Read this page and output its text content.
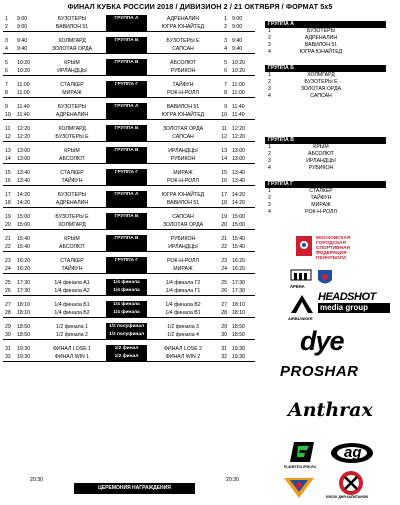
ФИНАЛ КУБКА РОССИИ 2018 / ДИВИЗИОН 2 / 21 ОКТЯБРЯ / ФОРМАТ 5х5
1	9:00	БУЗОТЕРЫ	ГРУППА А	АДРЕНАЛИН	1 9:00
2	9:00	ВАВИЛОН 51	ЮГРА ЮНАЙТЕД	2 9:00
3	9:40	ХОЛМГАРД	ГРУППА Б	БУЗОТЕРЫ Е	3 9:40
4	9:40	ЗОЛОТАЯ ОРДА	САПСАН	4 9:40
5	10:20	КРЫМ	ГРУППА В	АБСОЛЮТ	5 10:20
6	10:20	ИРЛАНДЦЫ	РУБИКОН	6 10:20
7	11:00	СТАЛКЕР	ГРУППА Г	ТАЙФУН	7 11:00
8	11:00	МИРАЖ	РОК-Н-РОЛЛ	8 11:00
9	11:40	БУЗОТЕРЫ	ГРУППА А	ВАВИЛОН 51	9 11:40
10	11:40	АДРЕНАЛИН	ЮГРА ЮНАЙТЕД	10 11:40
11	12:20	ХОЛМГАРД	ГРУППА Б	ЗОЛОТАЯ ОРДА	11 12:20
12	12:20	БУЗОТЕРЫ Е	САПСАН	12 12:20
13	13:00	КРЫМ	ГРУППА В	ИРЛАНДЦЫ	13 13:00
14	13:00	АБСОЛЮТ	РУБИКОН	14 13:00
15	13:40	СТАЛКЕР	ГРУППА Г	МИРАЖ	15 13:40
16	13:40	ТАЙФУН	РОК-Н-РОЛЛ	16 13:40
17	14:20	БУЗОТЕРЫ	ГРУППА А	ЮГРА ЮНАЙТЕД	17 14:20
18	14:20	АДРЕНАЛИН	ВАВИЛОН 51	18 14:20
19	15:00	БУЗОТЕРЫ Е	ГРУППА Б	САПСАН	19 15:00
20	15:00	ХОЛМГАРД	ЗОЛОТАЯ ОРДА	20 15:00
21	15:40	КРЫМ	ГРУППА В	РУБИКОН	21 15:40
22	15:40	АБСОЛЮТ	ИРЛАНДЦЫ	22 15:40
23	16:20	СТАЛКЕР	ГРУППА Г	РОК-Н-РОЛЛ	23 16:20
24	16:20	ТАЙФУН	МИРАЖ	24 16:20
25	17:30	1/4 финала А1	1/4 финала	1/4 финала Г2	25 17:30
26	17:30	1/4 финала А2	1/4 финала	1/4 финала Г1	26 17:30
27	18:10	1/4 финала Б1	1/4 финала	1/4 финала В2	27 18:10
28	18:10	1/4 финала Б2	1/4 финала	1/4 финала В1	28 18:10
29	18:50	1/2 финала 1	1/2 полуфинал	1/2 финала 3	29 18:50
30	18:50	1/2 финала 2	1/2 полуфинал	1/2 финала 4	30 18:50
31	19:30	ФИНАЛ LOSE 1	1/2 финал	ФИНАЛ LOSE 2	31 19:30
32	19:30	ФИНАЛ WIN 1	1/2 финал	ФИНАЛ WIN 2	32 19:30
20:30
ЦЕРЕМОНИЯ НАГРАЖДЕНИЯ
20:30
ГРУППА А
1	БУЗОТЕРЫ
2	АДРЕНАЛИН
3	ВАВИЛОН 51
4	ЮГРА ЮНАЙТЕД
ГРУППА Б
1	ХОЛМГАРД
2	БУЗОТЕРЫ Е
3	ЗОЛОТАЯ ОРДА
4	САПСАН
ГРУППА В
1	КРЫМ
2	АБСОЛЮТ
3	ИРЛАНДЦЫ
4	РУБИКОН
ГРУППА Г
1	СТАЛКЕР
2	ТАЙФУН
3	МИРАЖ
4	РОК-Н-РОЛЛ
МОСКОВСКАЯ
ГОРОДСКАЯ
СПОРТИВНАЯ
ФЕДЕРАЦИЯ
ПЕЙНТБОЛА
АРЕНА
AIRBLINKER
HEADSHOT
media group
dye
PROSHAR
Anthrax
PLANETECLIPSE.RU
ag
КУБОК ДНЯ КАПИТАНОВ
